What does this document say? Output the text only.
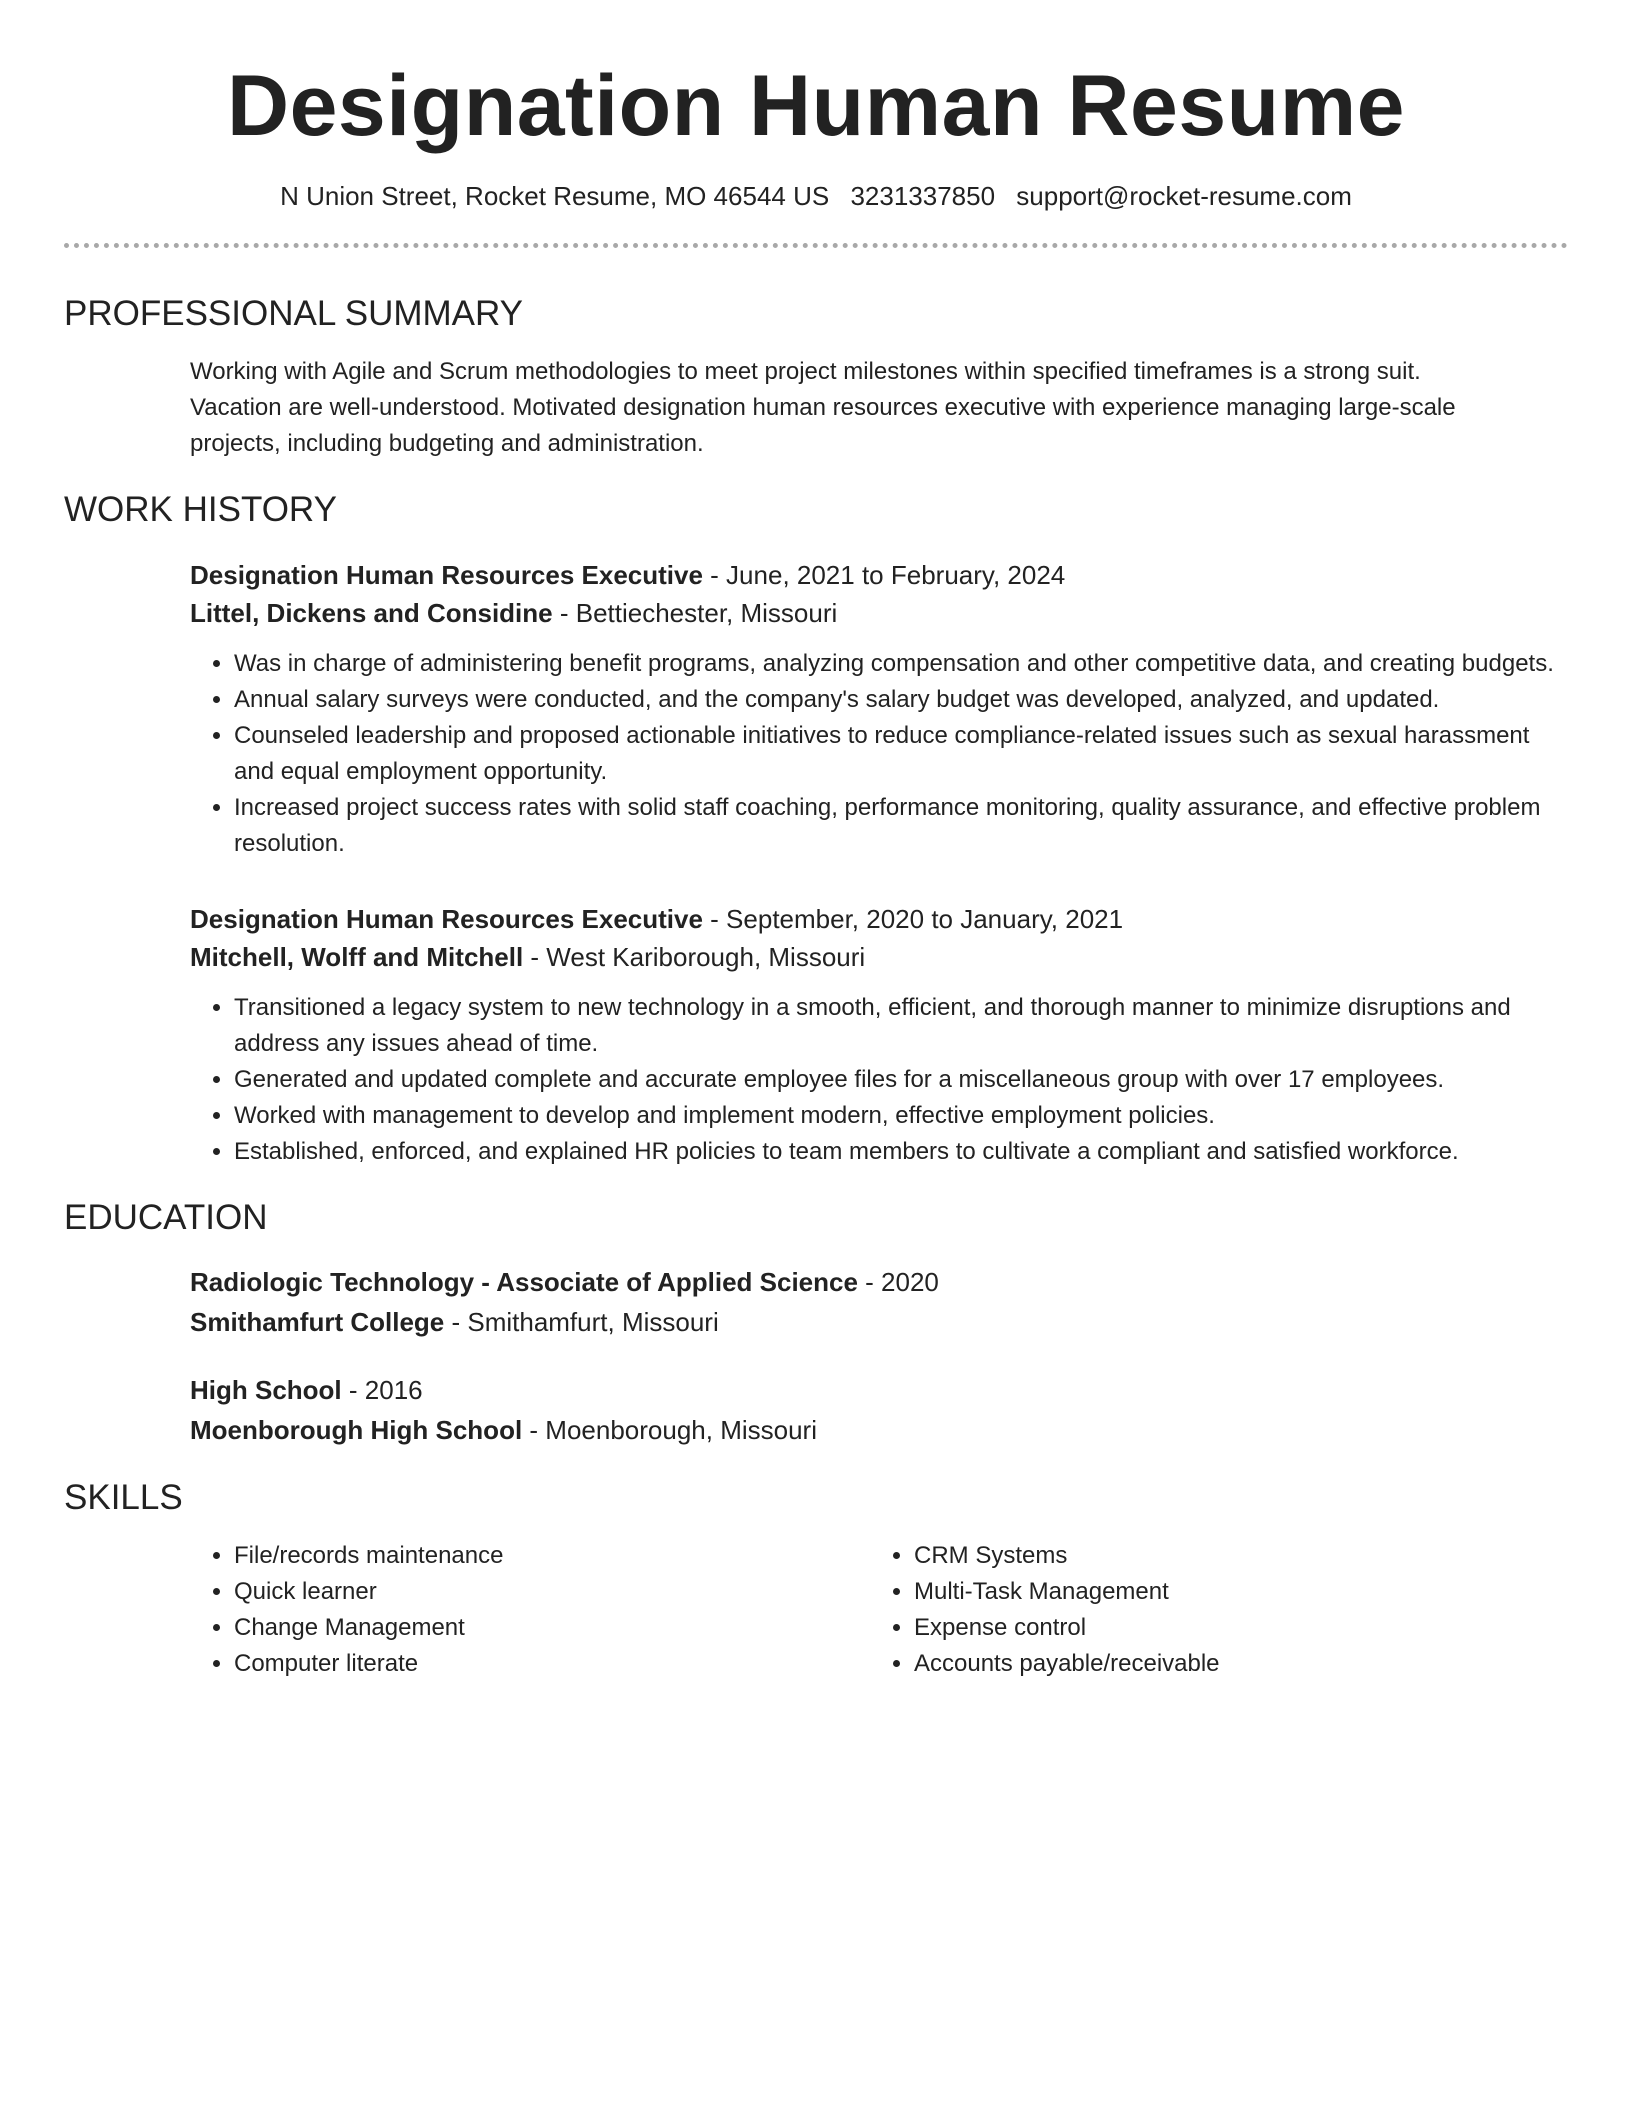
Designation Human Resume
N Union Street, Rocket Resume, MO 46544 US 3231337850 support@rocket-resume.com
PROFESSIONAL SUMMARY

Working with Agile and Scrum methodologies to meet project milestones within specified timeframes is a strong suit. Vacation are well-understood. Motivated designation human resources executive with experience managing large-scale projects, including budgeting and administration.

WORK HISTORY
Designation Human Resources Executive - June, 2021 to February, 2024
Littel, Dickens and Considine - Bettiechester, Missouri
• Was in charge of administering benefit programs, analyzing compensation and other competitive data, and creating budgets.
• Annual salary surveys were conducted, and the company's salary budget was developed, analyzed, and updated.
• Counseled leadership and proposed actionable initiatives to reduce compliance-related issues such as sexual harassment and equal employment opportunity.
• Increased project success rates with solid staff coaching, performance monitoring, quality assurance, and effective problem resolution.
Designation Human Resources Executive - September, 2020 to January, 2021
Mitchell, Wolff and Mitchell - West Kariborough, Missouri
• Transitioned a legacy system to new technology in a smooth, efficient, and thorough manner to minimize disruptions and address any issues ahead of time.
• Generated and updated complete and accurate employee files for a miscellaneous group with over 17 employees.
• Worked with management to develop and implement modern, effective employment policies.
• Established, enforced, and explained HR policies to team members to cultivate a compliant and satisfied workforce.
EDUCATION
Radiologic Technology - Associate of Applied Science - 2020
Smithamfurt College - Smithamfurt, Missouri
High School - 2016
Moenborough High School - Moenborough, Missouri
SKILLS
• File/records maintenance
• Quick learner
• Change Management
• Computer literate
• CRM Systems
• Multi-Task Management
• Expense control
• Accounts payable/receivable
